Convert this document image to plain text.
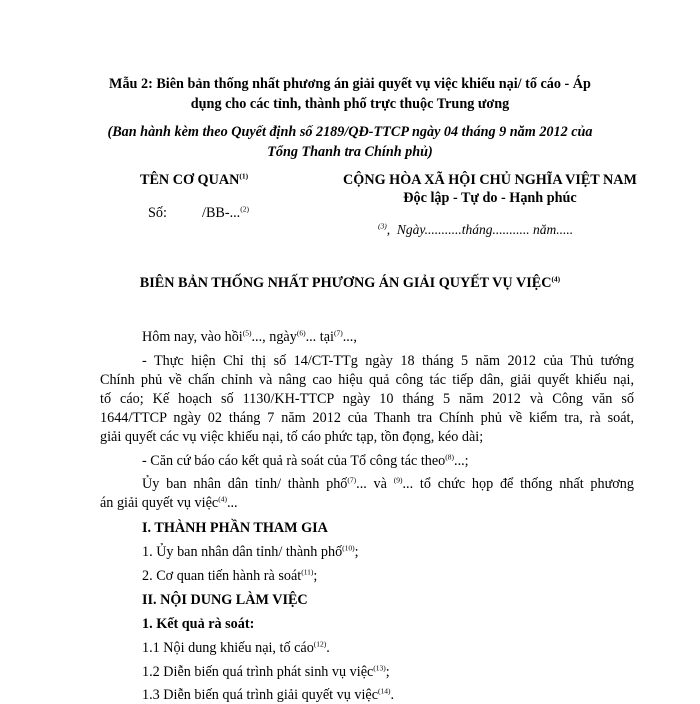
Mẫu 2: Biên bản thống nhất phương án giải quyết vụ việc khiếu nại/ tố cáo - Áp
dụng cho các tỉnh, thành phố trực thuộc Trung ương
(Ban hành kèm theo Quyết định số 2189/QĐ-TTCP ngày 04 tháng 9 năm 2012 của
Tổng Thanh tra Chính phủ)
TÊN CƠ QUAN$^{(1)}$
Số: /BB-...$^{(2)}$
CỘNG HÒA XÃ HỘI CHỦ NGHĨA VIỆT NAM
Độc lập - Tự do - Hạnh phúc
$^{(3)}$,  Ngày...........tháng........... năm.....
BIÊN BẢN THỐNG NHẤT PHƯƠNG ÁN GIẢI QUYẾT VỤ VIỆC$^{(4)}$
Hôm nay, vào hồi$^{(5)}$..., ngày$^{(6)}$... tại$^{(7)}$...,
- Thực hiện Chỉ thị số 14/CT-TTg ngày 18 tháng 5 năm 2012 của Thủ tướng
Chính phủ về chấn chỉnh và nâng cao hiệu quả công tác tiếp dân, giải quyết khiếu nại,
tố cáo; Kế hoạch số 1130/KH-TTCP ngày 10 tháng 5 năm 2012 và Công văn số
1644/TTCP ngày 02 tháng 7 năm 2012 của Thanh tra Chính phủ về kiểm tra, rà soát,
giải quyết các vụ việc khiếu nại, tố cáo phức tạp, tồn đọng, kéo dài;
- Căn cứ báo cáo kết quả rà soát của Tổ công tác theo$^{(8)}$...;
Ủy ban nhân dân tỉnh/ thành phố$^{(7)}$... và $^{(9)}$... tổ chức họp để thống nhất phương
án giải quyết vụ việc$^{(4)}$...
I. THÀNH PHẦN THAM GIA
1. Ủy ban nhân dân tỉnh/ thành phố$^{(10)}$;
2. Cơ quan tiến hành rà soát$^{(11)}$;
II. NỘI DUNG LÀM VIỆC
1. Kết quả rà soát:
1.1 Nội dung khiếu nại, tố cáo$^{(12)}$.
1.2 Diễn biến quá trình phát sinh vụ việc$^{(13)}$;
1.3 Diễn biến quá trình giải quyết vụ việc$^{(14)}$.
